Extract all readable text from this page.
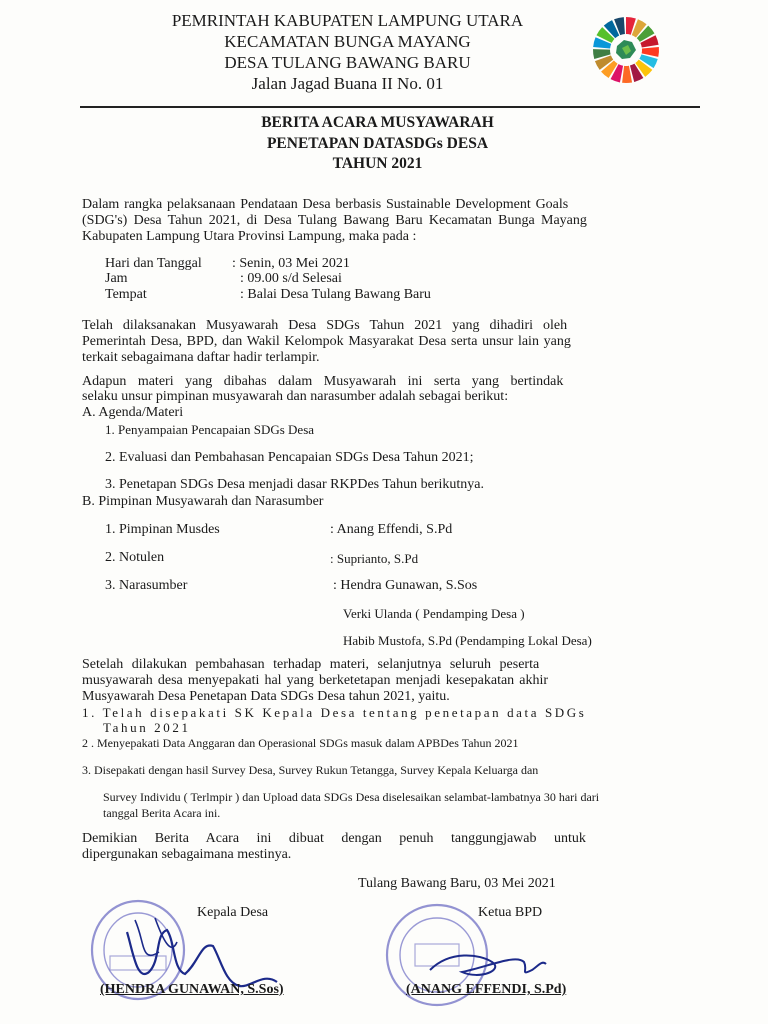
PEMRINTAH KABUPATEN LAMPUNG UTARA
KECAMATAN BUNGA MAYANG
DESA TULANG BAWANG BARU
Jalan Jagad Buana II No. 01
BERITA ACARA MUSYAWARAH
PENETAPAN DATASDGs DESA
TAHUN 2021
Dalam rangka pelaksanaan Pendataan Desa berbasis Sustainable Development Goals
(SDG's) Desa Tahun 2021, di Desa Tulang Bawang Baru Kecamatan Bunga Mayang
Kabupaten Lampung Utara Provinsi Lampung, maka pada :
Hari dan Tanggal : Senin, 03 Mei 2021
Jam	: 09.00 s/d Selesai
Tempat	: Balai Desa Tulang Bawang Baru
Telah dilaksanakan Musyawarah Desa SDGs Tahun 2021 yang dihadiri oleh
Pemerintah Desa, BPD, dan Wakil Kelompok Masyarakat Desa serta unsur lain yang
terkait sebagaimana daftar hadir terlampir.
Adapun materi yang dibahas dalam Musyawarah ini serta yang bertindak
selaku unsur pimpinan musyawarah dan narasumber adalah sebagai berikut:
A. Agenda/Materi
1. Penyampaian Pencapaian SDGs Desa
2. Evaluasi dan Pembahasan Pencapaian SDGs Desa Tahun 2021;
3. Penetapan SDGs Desa menjadi dasar RKPDes Tahun berikutnya.
B. Pimpinan Musyawarah dan Narasumber
1. Pimpinan Musdes	: Anang Effendi, S.Pd
2. Notulen	: Suprianto, S.Pd
3. Narasumber	: Hendra Gunawan, S.Sos
Verki Ulanda ( Pendamping Desa )
Habib Mustofa, S.Pd (Pendamping Lokal Desa)
Setelah dilakukan pembahasan terhadap materi, selanjutnya seluruh peserta
musyawarah desa menyepakati hal yang berketetapan menjadi kesepakatan akhir
Musyawarah Desa Penetapan Data SDGs Desa tahun 2021, yaitu.
1. Telah disepakati SK Kepala Desa tentang penetapan data SDGs
Tahun 2021
2 . Menyepakati Data Anggaran dan Operasional SDGs masuk dalam APBDes Tahun 2021
3. Disepakati dengan hasil Survey Desa, Survey Rukun Tetangga, Survey Kepala Keluarga dan
Survey Individu ( Terlmpir ) dan Upload data SDGs Desa diselesaikan selambat-lambatnya 30 hari dari
tanggal Berita Acara ini.
Demikian Berita Acara ini dibuat dengan penuh tanggungjawab untuk
dipergunakan sebagaimana mestinya.
Tulang Bawang Baru, 03 Mei 2021
Kepala Desa	Ketua BPD
(HENDRA GUNAWAN, S.Sos)	(ANANG EFFENDI, S.Pd)
